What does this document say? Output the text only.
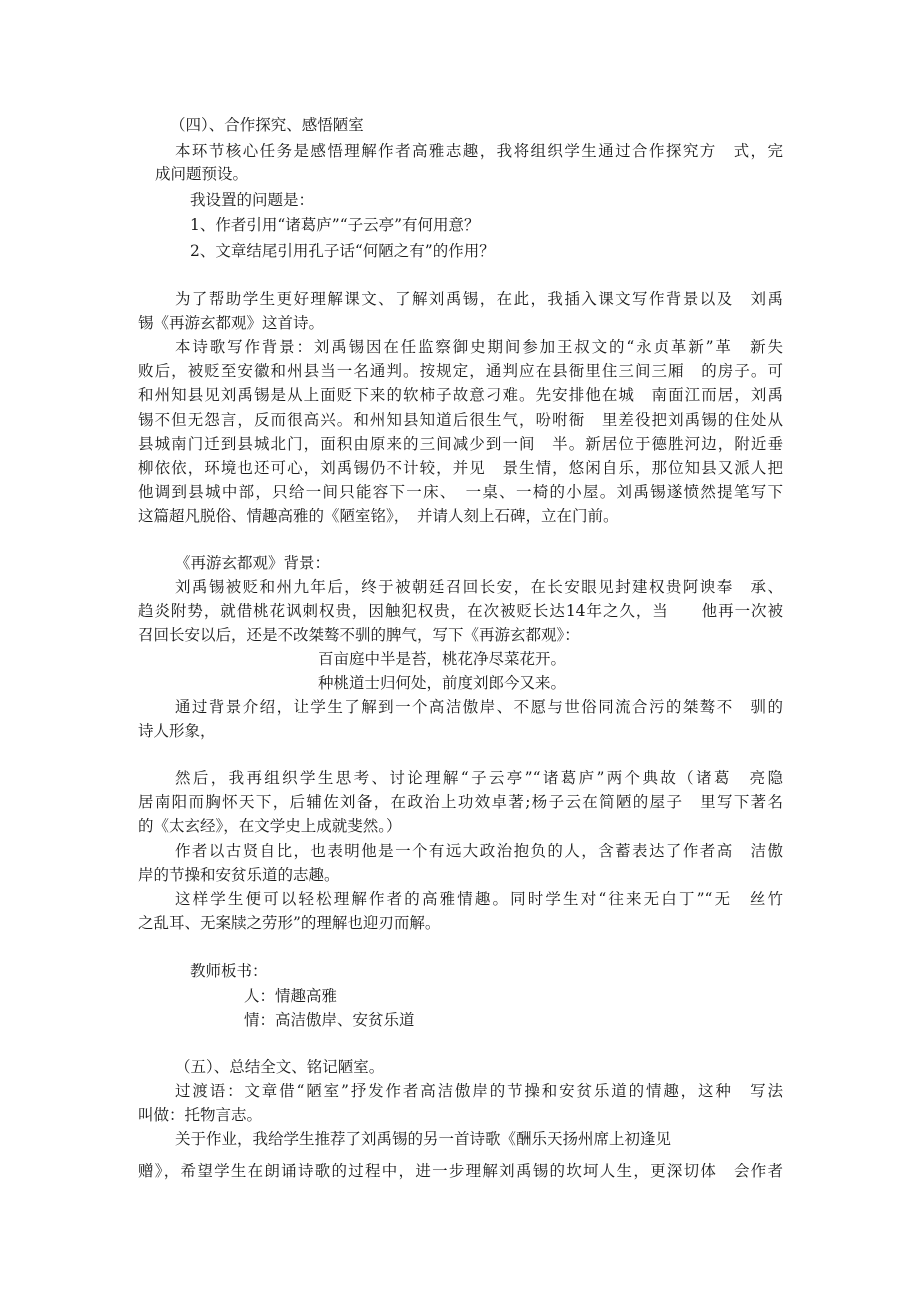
（四）、合作探究、感悟陋室
本环节核心任务是感悟理解作者高雅志趣，我将组织学生通过合作探究方　式，完
成问题预设。
我设置的问题是：
1、作者引用“诸葛庐”“子云亭”有何用意？
2、文章结尾引用孔子话“何陋之有”的作用？
为了帮助学生更好理解课文、了解刘禹锡，在此，我插入课文写作背景以及　刘禹
锡《再游玄都观》这首诗。
本诗歌写作背景：刘禹锡因在任监察御史期间参加王叔文的“永贞革新”革　新失
败后，被贬至安徽和州县当一名通判。按规定，通判应在县衙里住三间三厢　的房子。可
和州知县见刘禹锡是从上面贬下来的软柿子故意刁难。先安排他在城　南面江而居，刘禹
锡不但无怨言，反而很高兴。和州知县知道后很生气，吩咐衙　里差役把刘禹锡的住处从
县城南门迁到县城北门，面积由原来的三间减少到一间　半。新居位于德胜河边，附近垂
柳依依，环境也还可心，刘禹锡仍不计较，并见　景生情，悠闲自乐，那位知县又派人把
他调到县城中部，只给一间只能容下一床、　一桌、一椅的小屋。刘禹锡遂愤然提笔写下
这篇超凡脱俗、情趣高雅的《陋室铭》，　并请人刻上石碑，立在门前。
《再游玄都观》背景：
刘禹锡被贬和州九年后，终于被朝廷召回长安，在长安眼见封建权贵阿谀奉　承、
趋炎附势，就借桃花讽刺权贵，因触犯权贵，在次被贬长达14年之久，当　　他再一次被
召回长安以后，还是不改桀骜不驯的脾气，写下《再游玄都观》：
百亩庭中半是苔，桃花净尽菜花开。
种桃道士归何处，前度刘郎今又来。
通过背景介绍，让学生了解到一个高洁傲岸、不愿与世俗同流合污的桀骜不　驯的
诗人形象，
然后，我再组织学生思考、讨论理解“子云亭”“诸葛庐”两个典故（诸葛　亮隐
居南阳而胸怀天下，后辅佐刘备，在政治上功效卓著;杨子云在简陋的屋子　里写下著名
的《太玄经》，在文学史上成就斐然。）
作者以古贤自比，也表明他是一个有远大政治抱负的人，含蓄表达了作者高　洁傲
岸的节操和安贫乐道的志趣。
这样学生便可以轻松理解作者的高雅情趣。同时学生对“往来无白丁”“无　丝竹
之乱耳、无案牍之劳形”的理解也迎刃而解。
教师板书：
人：情趣高雅
情：高洁傲岸、安贫乐道
（五）、总结全文、铭记陋室。
过渡语：文章借“陋室”抒发作者高洁傲岸的节操和安贫乐道的情趣，这种　写法
叫做：托物言志。
关于作业，我给学生推荐了刘禹锡的另一首诗歌《酬乐天扬州席上初逢见
赠》，希望学生在朗诵诗歌的过程中，进一步理解刘禹锡的坎坷人生，更深切体　会作者
